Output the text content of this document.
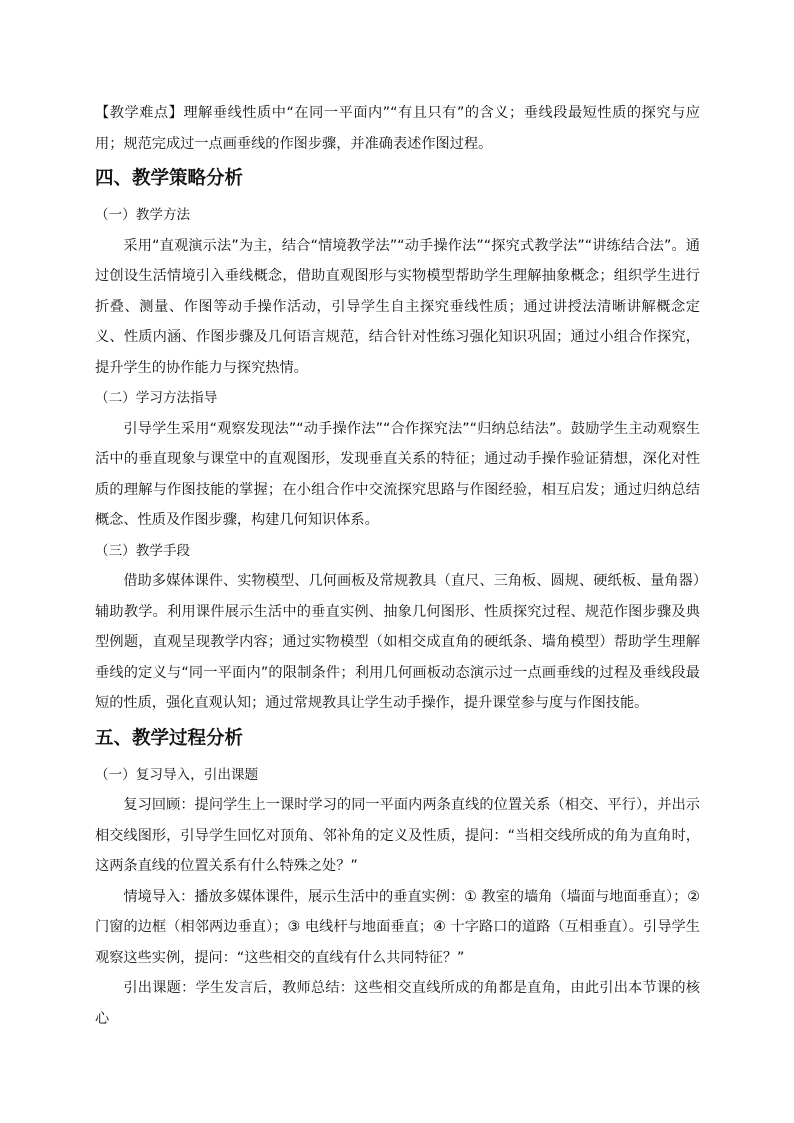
【教学难点】理解垂线性质中“在同一平面内”“有且只有”的含义；垂线段最短性质的探究与应用；规范完成过一点画垂线的作图步骤，并准确表述作图过程。

四、教学策略分析

（一）教学方法

采用“直观演示法”为主，结合“情境教学法”“动手操作法”“探究式教学法”“讲练结合法”。通过创设生活情境引入垂线概念，借助直观图形与实物模型帮助学生理解抽象概念；组织学生进行折叠、测量、作图等动手操作活动，引导学生自主探究垂线性质；通过讲授法清晰讲解概念定义、性质内涵、作图步骤及几何语言规范，结合针对性练习强化知识巩固；通过小组合作探究，提升学生的协作能力与探究热情。

（二）学习方法指导

引导学生采用“观察发现法”“动手操作法”“合作探究法”“归纳总结法”。鼓励学生主动观察生活中的垂直现象与课堂中的直观图形，发现垂直关系的特征；通过动手操作验证猜想，深化对性质的理解与作图技能的掌握；在小组合作中交流探究思路与作图经验，相互启发；通过归纳总结概念、性质及作图步骤，构建几何知识体系。

（三）教学手段

借助多媒体课件、实物模型、几何画板及常规教具（直尺、三角板、圆规、硬纸板、量角器）辅助教学。利用课件展示生活中的垂直实例、抽象几何图形、性质探究过程、规范作图步骤及典型例题，直观呈现教学内容；通过实物模型（如相交成直角的硬纸条、墙角模型）帮助学生理解垂线的定义与“同一平面内”的限制条件；利用几何画板动态演示过一点画垂线的过程及垂线段最短的性质，强化直观认知；通过常规教具让学生动手操作，提升课堂参与度与作图技能。

五、教学过程分析

（一）复习导入，引出课题

复习回顾：提问学生上一课时学习的同一平面内两条直线的位置关系（相交、平行），并出示相交线图形，引导学生回忆对顶角、邻补角的定义及性质，提问：“当相交线所成的角为直角时，这两条直线的位置关系有什么特殊之处？”

情境导入：播放多媒体课件，展示生活中的垂直实例：① 教室的墙角（墙面与地面垂直）；② 门窗的边框（相邻两边垂直）；③ 电线杆与地面垂直；④ 十字路口的道路（互相垂直）。引导学生观察这些实例，提问：“这些相交的直线有什么共同特征？”

引出课题：学生发言后，教师总结：这些相交直线所成的角都是直角，由此引出本节课的核心
